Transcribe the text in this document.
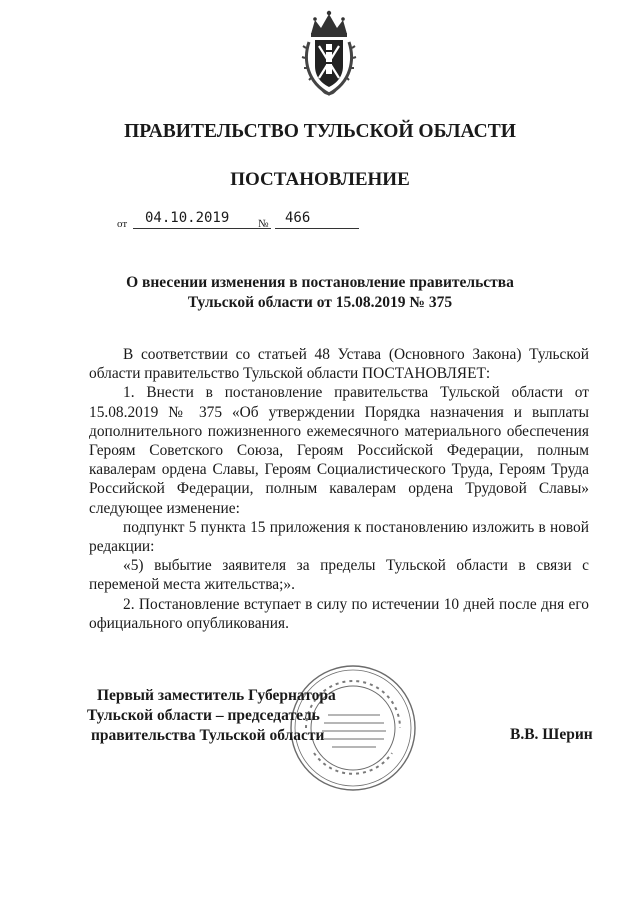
ПРАВИТЕЛЬСТВО ТУЛЬСКОЙ ОБЛАСТИ
ПОСТАНОВЛЕНИЕ
от 04.10.2019	№ 466
О внесении изменения в постановление правительства
Тульской области от 15.08.2019 № 375

В соответствии со статьей 48 Устава (Основного Закона) Тульской области правительство Тульской области ПОСТАНОВЛЯЕТ:

1. Внести в постановление правительства Тульской области от 15.08.2019 № 375 «Об утверждении Порядка назначения и выплаты дополнительного пожизненного ежемесячного материального обеспечения Героям Советского Союза, Героям Российской Федерации, полным кавалерам ордена Славы, Героям Социалистического Труда, Героям Труда Российской Федерации, полным кавалерам ордена Трудовой Славы» следующее изменение:

подпункт 5 пункта 15 приложения к постановлению изложить в новой редакции:

«5) выбытие заявителя за пределы Тульской области в связи с переменой места жительства;».

2. Постановление вступает в силу по истечении 10 дней после дня его официального опубликования.

Первый заместитель Губернатора
Тульской области – председатель
правительства Тульской области	В.В. Шерин
